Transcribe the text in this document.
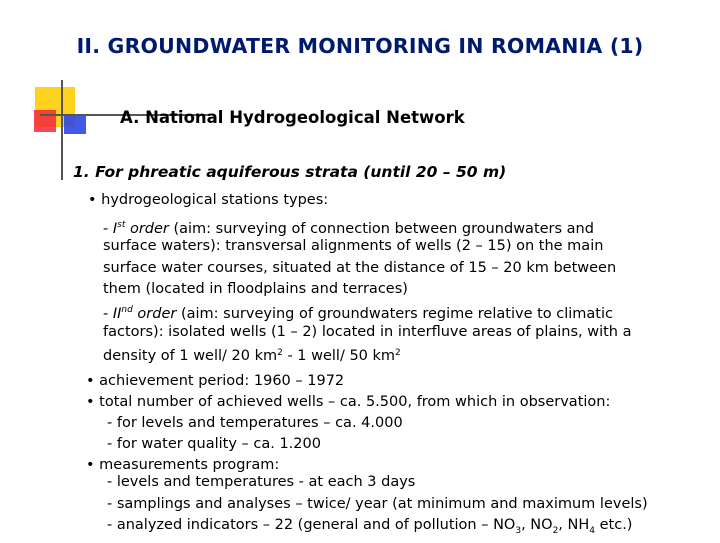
II. GROUNDWATER MONITORING IN ROMANIA (1)
A. National Hydrogeological Network
1. For phreatic aquiferous strata (until 20 – 50 m)
• hydrogeological stations types:
- Ist order (aim: surveying of connection between groundwaters and
surface waters): transversal alignments of wells (2 – 15) on the main
surface water courses, situated at the distance of 15 – 20 km between
them (located in floodplains and terraces)
- IInd order (aim: surveying of groundwaters regime relative to climatic
factors): isolated wells (1 – 2) located in interfluve areas of plains, with a
density of 1 well/ 20 $km^2 - 1$ well/ 50 $km^2$
• achievement period: 1960 – 1972
• total number of achieved wells – ca. 5.500, from which in observation:
- for levels and temperatures – ca. 4.000
- for water quality – ca. 1.200
• measurements program:
- levels and temperatures - at each 3 days
- samplings and analyses – twice/ year (at minimum and maximum levels)
- analyzed indicators – 22 (general and of pollution – $NO_3$, $NO_2$, $NH_4$ etc.)
